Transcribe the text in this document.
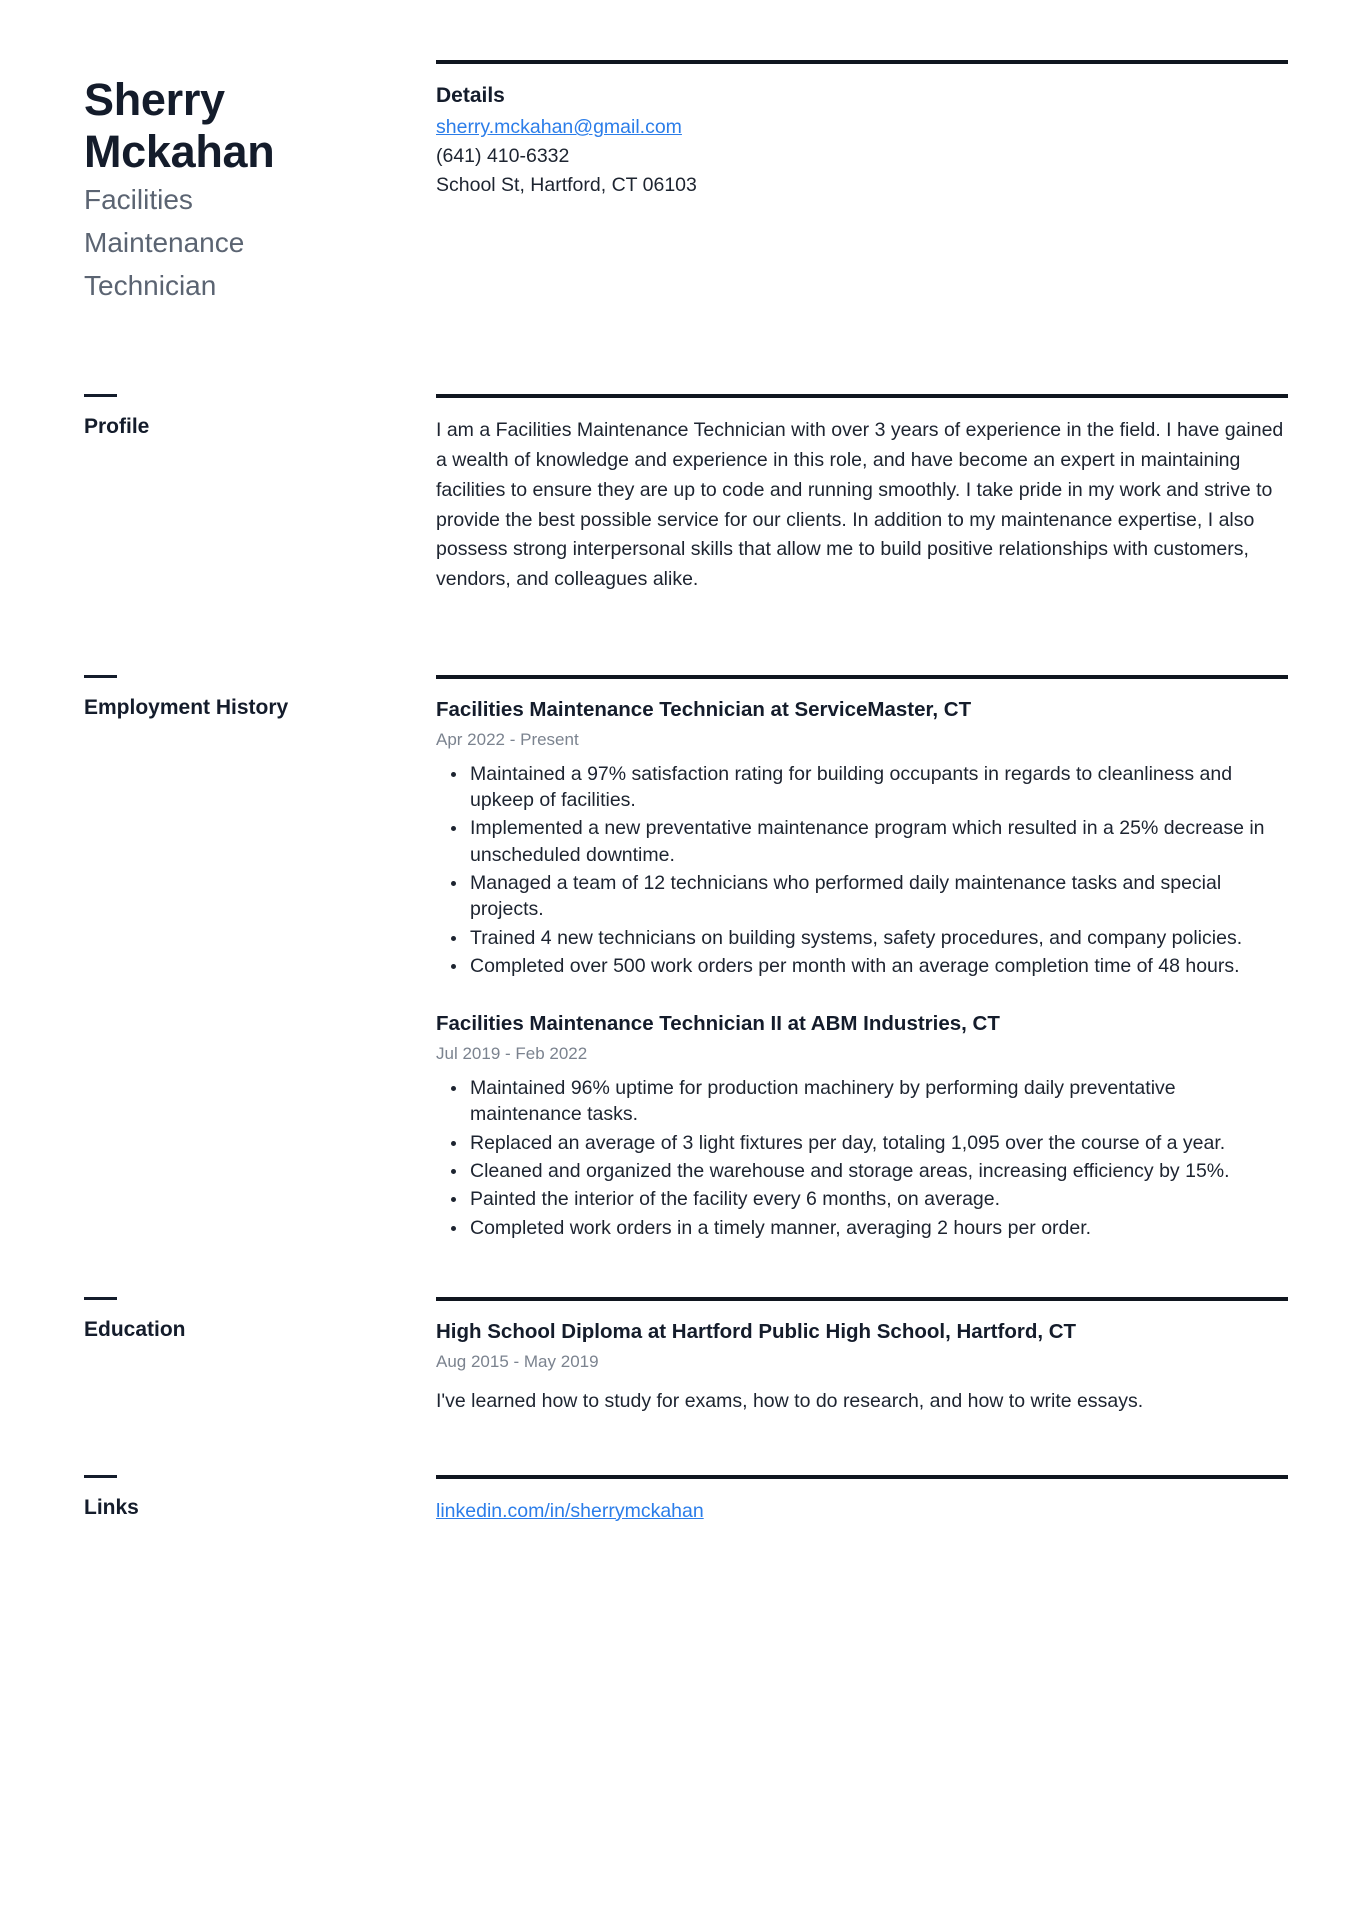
Sherry
Mckahan
Facilities
Maintenance
Technician
Details
sherry.mckahan@gmail.com
(641) 410-6332
School St, Hartford, CT 06103
Profile	I am a Facilities Maintenance Technician with over 3 years of experience in the field. I have gained a wealth of knowledge and experience in this role, and have become an expert in maintaining facilities to ensure they are up to code and running smoothly. I take pride in my work and strive to provide the best possible service for our clients. In addition to my maintenance expertise, I also possess strong interpersonal skills that allow me to build positive relationships with customers, vendors, and colleagues alike.

Employment History	Facilities Maintenance Technician at ServiceMaster, CT
Apr 2022 - Present
Maintained a 97% satisfaction rating for building occupants in regards to cleanliness and upkeep of facilities.
Implemented a new preventative maintenance program which resulted in a 25% decrease in unscheduled downtime.
Managed a team of 12 technicians who performed daily maintenance tasks and special projects.
Trained 4 new technicians on building systems, safety procedures, and company policies.
Completed over 500 work orders per month with an average completion time of 48 hours.
Facilities Maintenance Technician II at ABM Industries, CT
Jul 2019 - Feb 2022
Maintained 96% uptime for production machinery by performing daily preventative maintenance tasks.
Replaced an average of 3 light fixtures per day, totaling 1,095 over the course of a year.
Cleaned and organized the warehouse and storage areas, increasing efficiency by 15%.
Painted the interior of the facility every 6 months, on average.
Completed work orders in a timely manner, averaging 2 hours per order.
Education	High School Diploma at Hartford Public High School, Hartford, CT
Aug 2015 - May 2019

I've learned how to study for exams, how to do research, and how to write essays.

Links	linkedin.com/in/sherrymckahan
